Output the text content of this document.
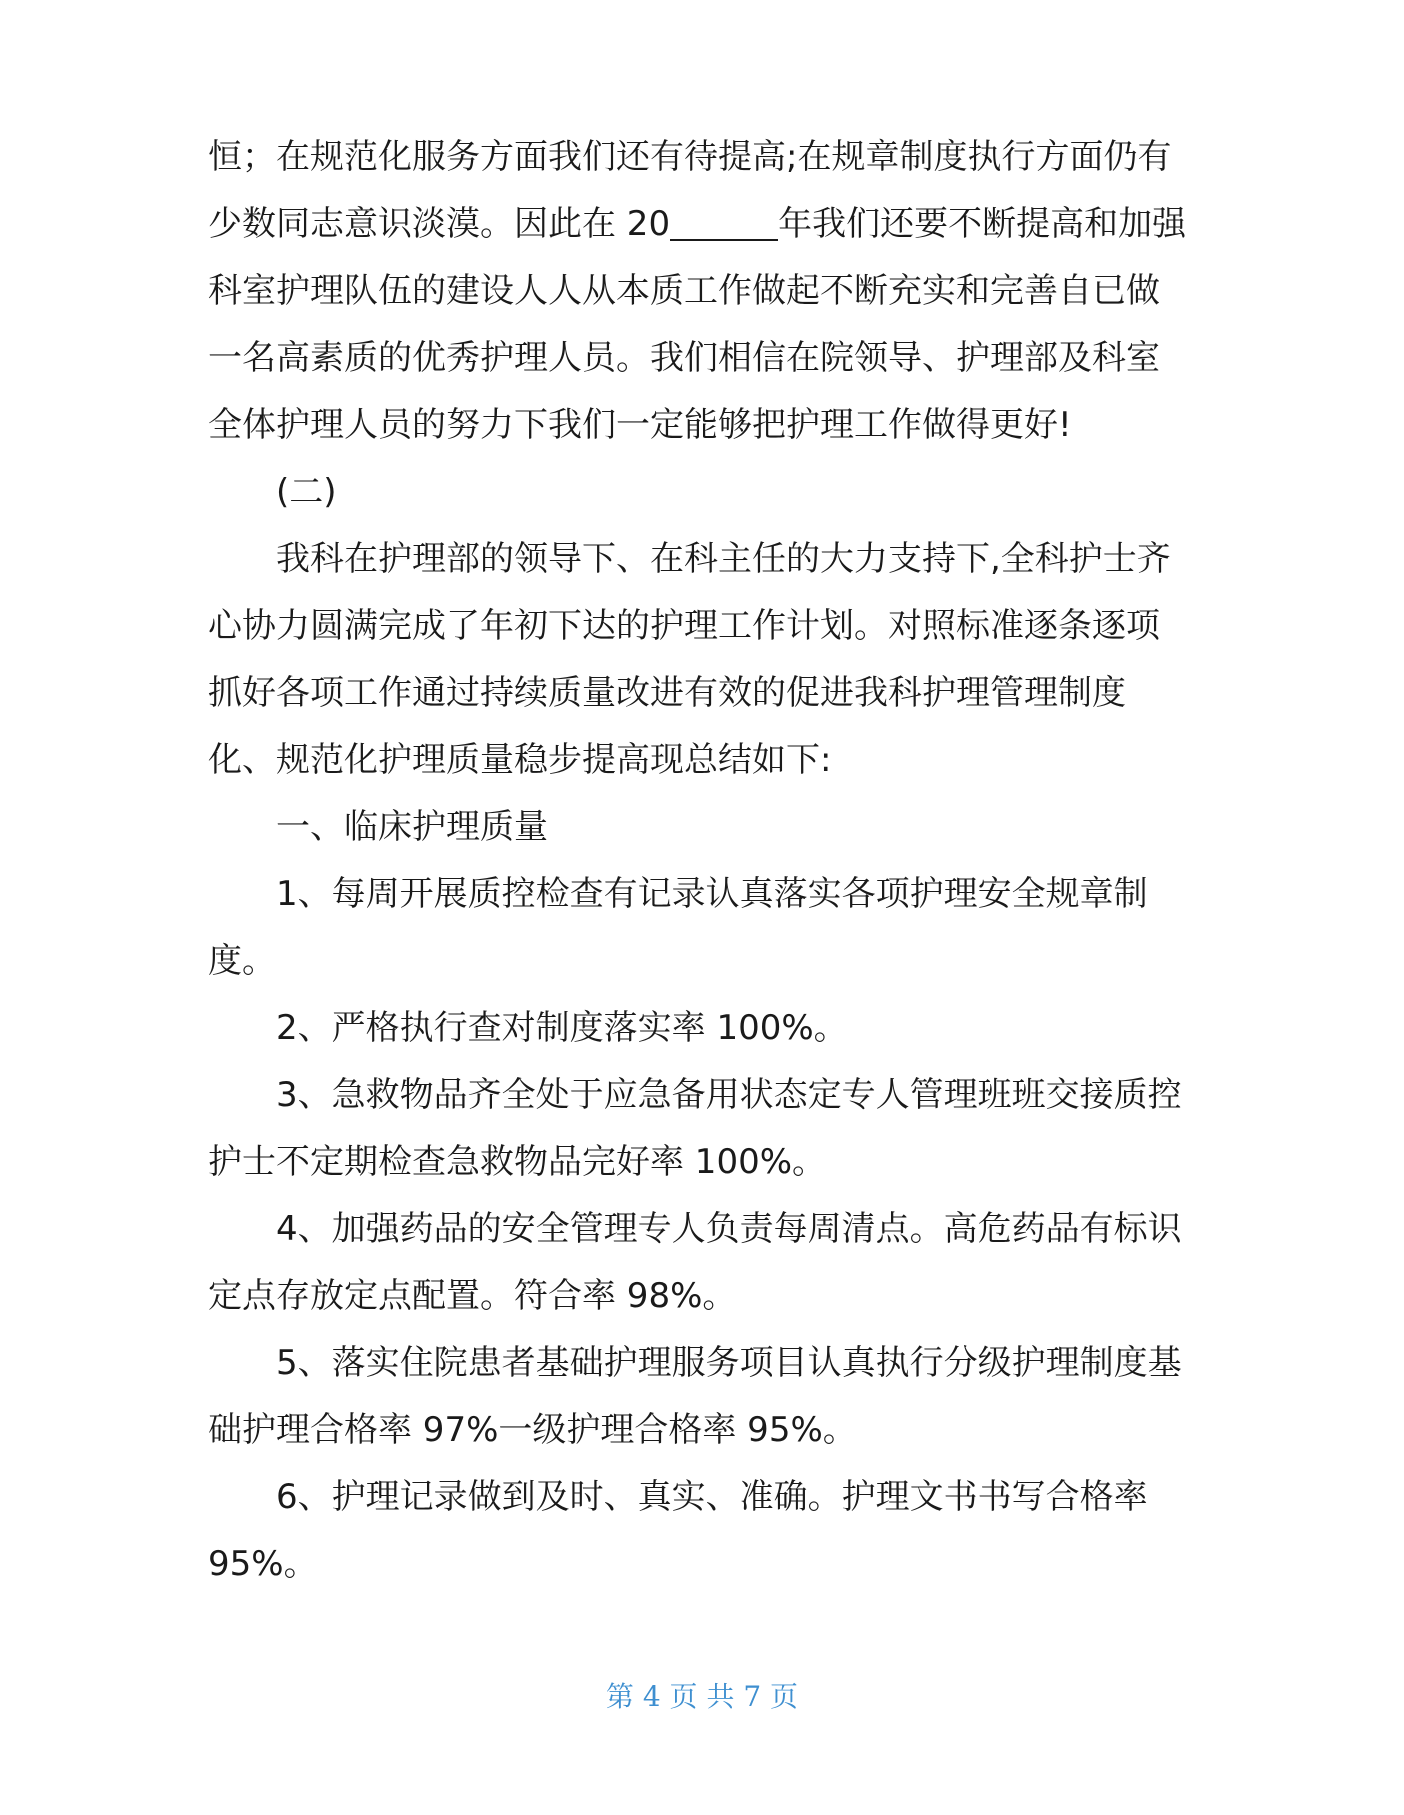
恒；在规范化服务方面我们还有待提高;在规章制度执行方面仍有
少数同志意识淡漠。因此在 20	年我们还要不断提高和加强
科室护理队伍的建设人人从本质工作做起不断充实和完善自已做
一名高素质的优秀护理人员。我们相信在院领导、护理部及科室
全体护理人员的努力下我们一定能够把护理工作做得更好!
(二)
我科在护理部的领导下、在科主任的大力支持下,全科护士齐
心协力圆满完成了年初下达的护理工作计划。对照标准逐条逐项
抓好各项工作通过持续质量改进有效的促进我科护理管理制度
化、规范化护理质量稳步提高现总结如下:
一、临床护理质量
1、每周开展质控检查有记录认真落实各项护理安全规章制
度。
2、严格执行查对制度落实率 100%。
3、急救物品齐全处于应急备用状态定专人管理班班交接质控
护士不定期检查急救物品完好率 100%。
4、加强药品的安全管理专人负责每周清点。高危药品有标识
定点存放定点配置。符合率 98%。
5、落实住院患者基础护理服务项目认真执行分级护理制度基
础护理合格率 97%一级护理合格率 95%。
6、护理记录做到及时、真实、准确。护理文书书写合格率
95%。
第 4 页 共 7 页
